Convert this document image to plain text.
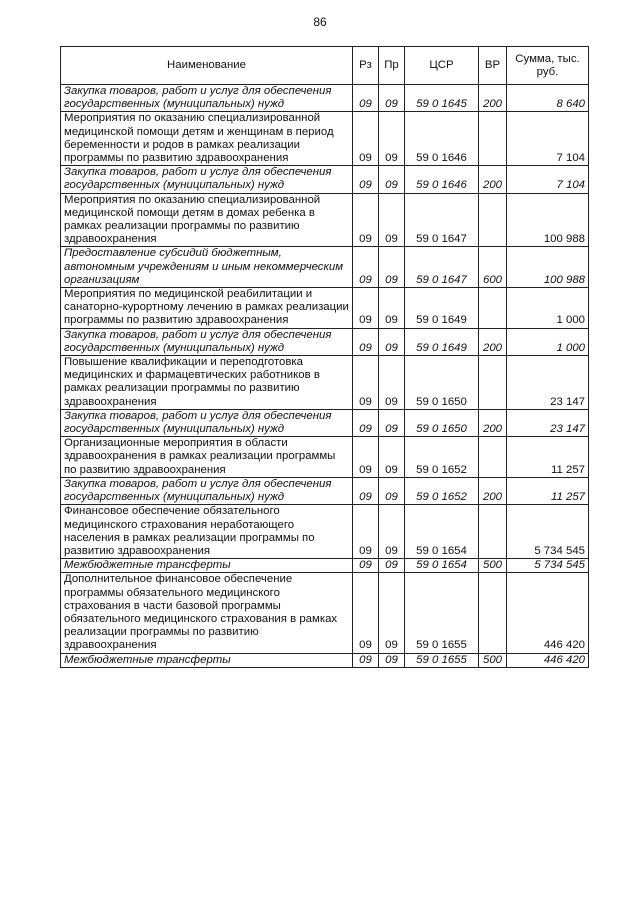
86
Наименование	Рз	Пр	ЦСР	ВР	Сумма, тыс. руб.
Закупка товаров, работ и услуг для обеспечения государственных (муниципальных) нужд	09	09	59 0 1645	200	8 640
Мероприятия по оказанию специализированной медицинской помощи детям и женщинам в период беременности и родов в рамках реализации программы по развитию здравоохранения	09	09	59 0 1646		7 104
Закупка товаров, работ и услуг для обеспечения государственных (муниципальных) нужд	09	09	59 0 1646	200	7 104
Мероприятия по оказанию специализированной медицинской помощи детям в домах ребенка в рамках реализации программы по развитию здравоохранения	09	09	59 0 1647		100 988
Предоставление субсидий бюджетным, автономным учреждениям и иным некоммерческим организациям	09	09	59 0 1647	600	100 988
Мероприятия по медицинской реабилитации и санаторно-курортному лечению в рамках реализации программы по развитию здравоохранения	09	09	59 0 1649		1 000
Закупка товаров, работ и услуг для обеспечения государственных (муниципальных) нужд	09	09	59 0 1649	200	1 000
Повышение квалификации и переподготовка медицинских и фармацевтических работников в рамках реализации программы по развитию здравоохранения	09	09	59 0 1650		23 147
Закупка товаров, работ и услуг для обеспечения государственных (муниципальных) нужд	09	09	59 0 1650	200	23 147
Организационные мероприятия в области здравоохранения в рамках реализации программы по развитию здравоохранения	09	09	59 0 1652		11 257
Закупка товаров, работ и услуг для обеспечения государственных (муниципальных) нужд	09	09	59 0 1652	200	11 257
Финансовое обеспечение обязательного медицинского страхования неработающего населения в рамках реализации программы по развитию здравоохранения	09	09	59 0 1654		5 734 545
Межбюджетные трансферты	09	09	59 0 1654	500	5 734 545
Дополнительное финансовое обеспечение программы обязательного медицинского страхования в части базовой программы обязательного медицинского страхования в рамках реализации программы по развитию здравоохранения	09	09	59 0 1655		446 420
Межбюджетные трансферты	09	09	59 0 1655	500	446 420
